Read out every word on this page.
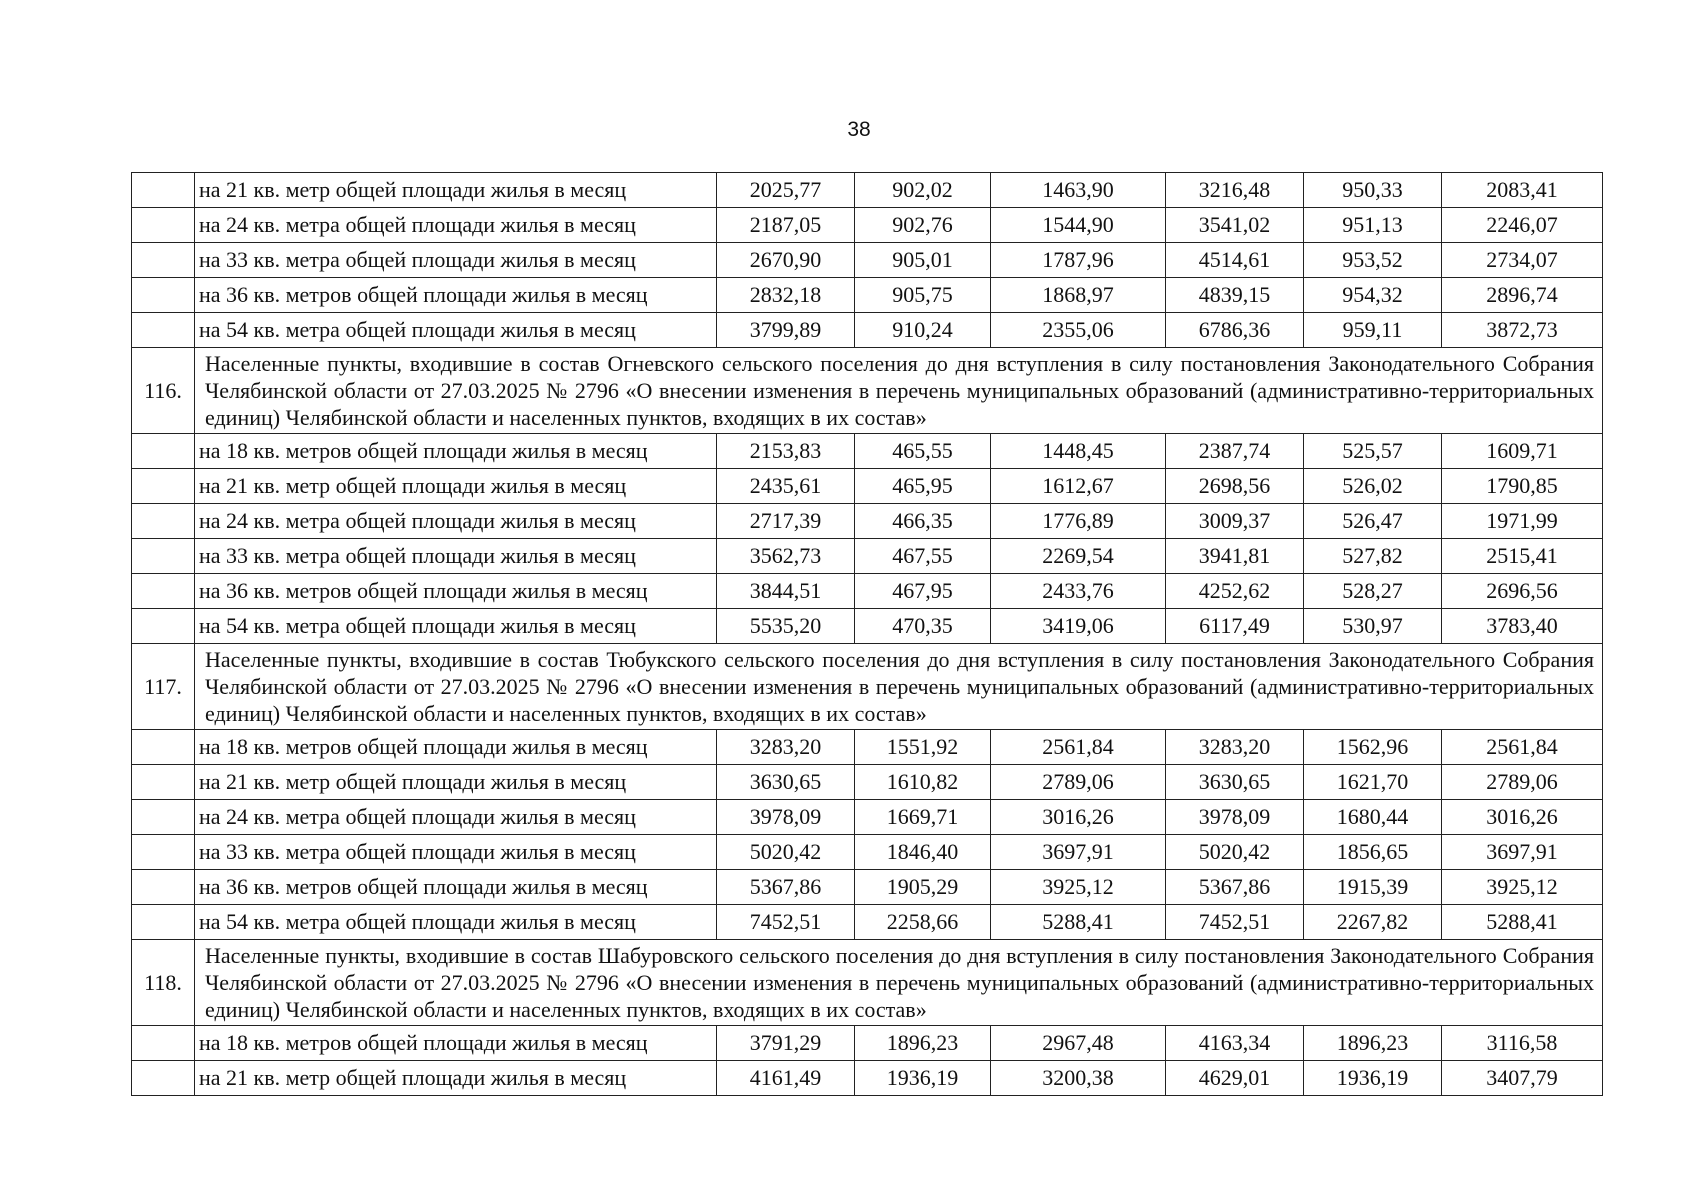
38
	на 21 кв. метр общей площади жилья в месяц	2025,77	902,02	1463,90	3216,48	950,33	2083,41
	на 24 кв. метра общей площади жилья в месяц	2187,05	902,76	1544,90	3541,02	951,13	2246,07
	на 33 кв. метра общей площади жилья в месяц	2670,90	905,01	1787,96	4514,61	953,52	2734,07
	на 36 кв. метров общей площади жилья в месяц	2832,18	905,75	1868,97	4839,15	954,32	2896,74
	на 54 кв. метра общей площади жилья в месяц	3799,89	910,24	2355,06	6786,36	959,11	3872,73
116.	Населенные пункты, входившие в состав Огневского сельского поселения до дня вступления в силу постановления Законодательного Собрания Челябинской области от 27.03.2025 № 2796 «О внесении изменения в перечень муниципальных образований (административно-территориальных единиц) Челябинской области и населенных пунктов, входящих в их состав»						
	на 18 кв. метров общей площади жилья в месяц	2153,83	465,55	1448,45	2387,74	525,57	1609,71
	на 21 кв. метр общей площади жилья в месяц	2435,61	465,95	1612,67	2698,56	526,02	1790,85
	на 24 кв. метра общей площади жилья в месяц	2717,39	466,35	1776,89	3009,37	526,47	1971,99
	на 33 кв. метра общей площади жилья в месяц	3562,73	467,55	2269,54	3941,81	527,82	2515,41
	на 36 кв. метров общей площади жилья в месяц	3844,51	467,95	2433,76	4252,62	528,27	2696,56
	на 54 кв. метра общей площади жилья в месяц	5535,20	470,35	3419,06	6117,49	530,97	3783,40
117.	Населенные пункты, входившие в состав Тюбукского сельского поселения до дня вступления в силу постановления Законодательного Собрания Челябинской области от 27.03.2025 № 2796 «О внесении изменения в перечень муниципальных образований (административно-территориальных единиц) Челябинской области и населенных пунктов, входящих в их состав»						
	на 18 кв. метров общей площади жилья в месяц	3283,20	1551,92	2561,84	3283,20	1562,96	2561,84
	на 21 кв. метр общей площади жилья в месяц	3630,65	1610,82	2789,06	3630,65	1621,70	2789,06
	на 24 кв. метра общей площади жилья в месяц	3978,09	1669,71	3016,26	3978,09	1680,44	3016,26
	на 33 кв. метра общей площади жилья в месяц	5020,42	1846,40	3697,91	5020,42	1856,65	3697,91
	на 36 кв. метров общей площади жилья в месяц	5367,86	1905,29	3925,12	5367,86	1915,39	3925,12
	на 54 кв. метра общей площади жилья в месяц	7452,51	2258,66	5288,41	7452,51	2267,82	5288,41
118.	Населенные пункты, входившие в состав Шабуровского сельского поселения до дня вступления в силу постановления Законодательного Собрания Челябинской области от 27.03.2025 № 2796 «О внесении изменения в перечень муниципальных образований (административно-территориальных единиц) Челябинской области и населенных пунктов, входящих в их состав»						
	на 18 кв. метров общей площади жилья в месяц	3791,29	1896,23	2967,48	4163,34	1896,23	3116,58
	на 21 кв. метр общей площади жилья в месяц	4161,49	1936,19	3200,38	4629,01	1936,19	3407,79
